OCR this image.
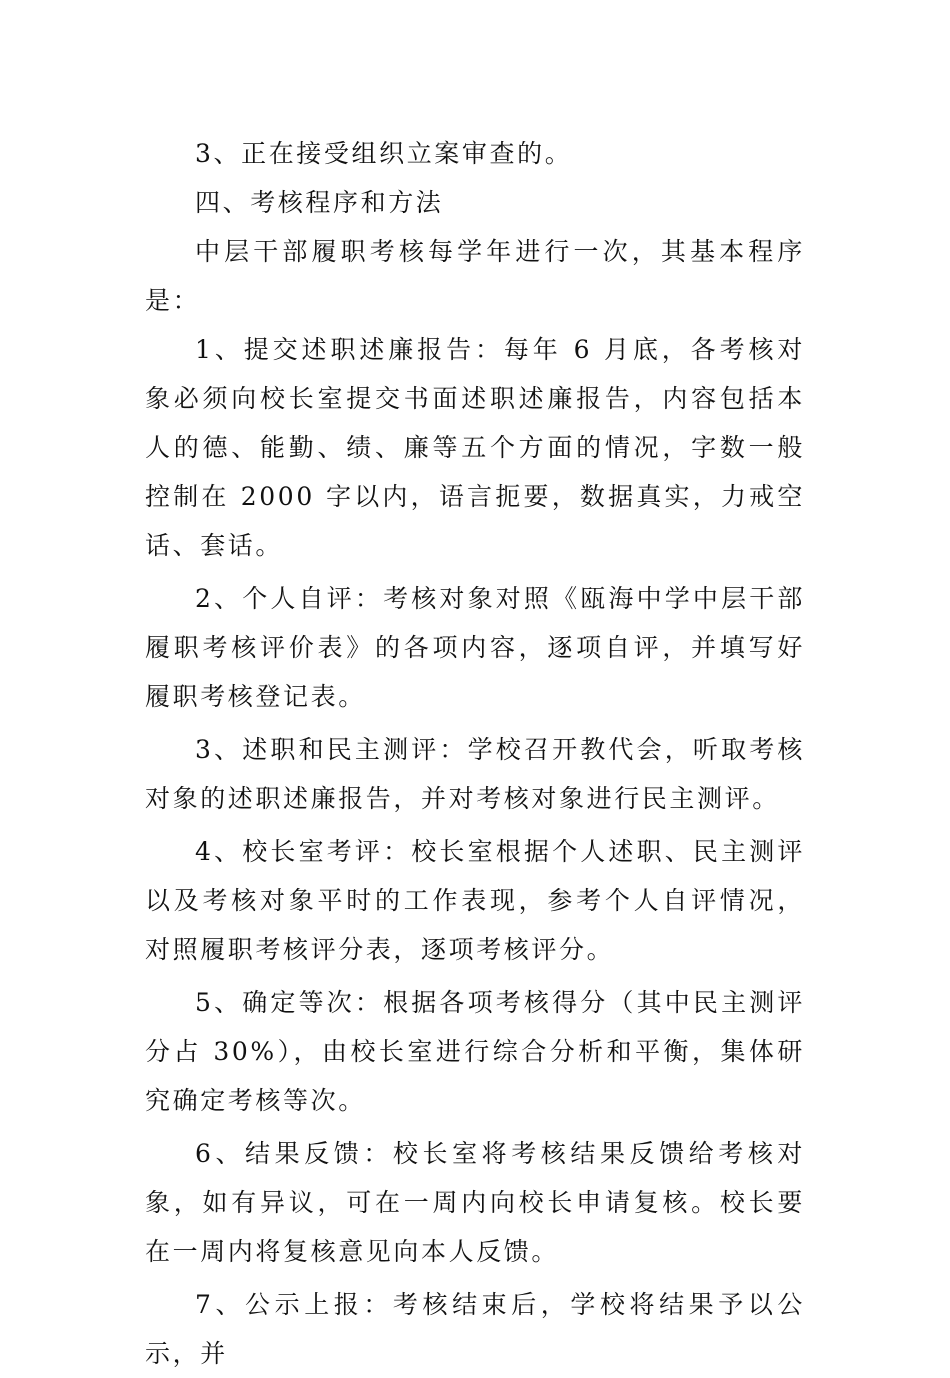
3、正在接受组织立案审查的。

四、考核程序和方法

中层干部履职考核每学年进行一次，其基本程序是：

1、提交述职述廉报告：每年 6 月底，各考核对象必须向校长室提交书面述职述廉报告，内容包括本人的德、能勤、绩、廉等五个方面的情况，字数一般控制在 2000 字以内，语言扼要，数据真实，力戒空话、套话。

2、个人自评：考核对象对照《瓯海中学中层干部履职考核评价表》的各项内容，逐项自评，并填写好履职考核登记表。

3、述职和民主测评：学校召开教代会，听取考核对象的述职述廉报告，并对考核对象进行民主测评。

4、校长室考评：校长室根据个人述职、民主测评以及考核对象平时的工作表现，参考个人自评情况，对照履职考核评分表，逐项考核评分。

5、确定等次：根据各项考核得分（其中民主测评分占 30%），由校长室进行综合分析和平衡，集体研究确定考核等次。

6、结果反馈：校长室将考核结果反馈给考核对象，如有异议，可在一周内向校长申请复核。校长要在一周内将复核意见向本人反馈。

7、公示上报：考核结束后，学校将结果予以公示，并
